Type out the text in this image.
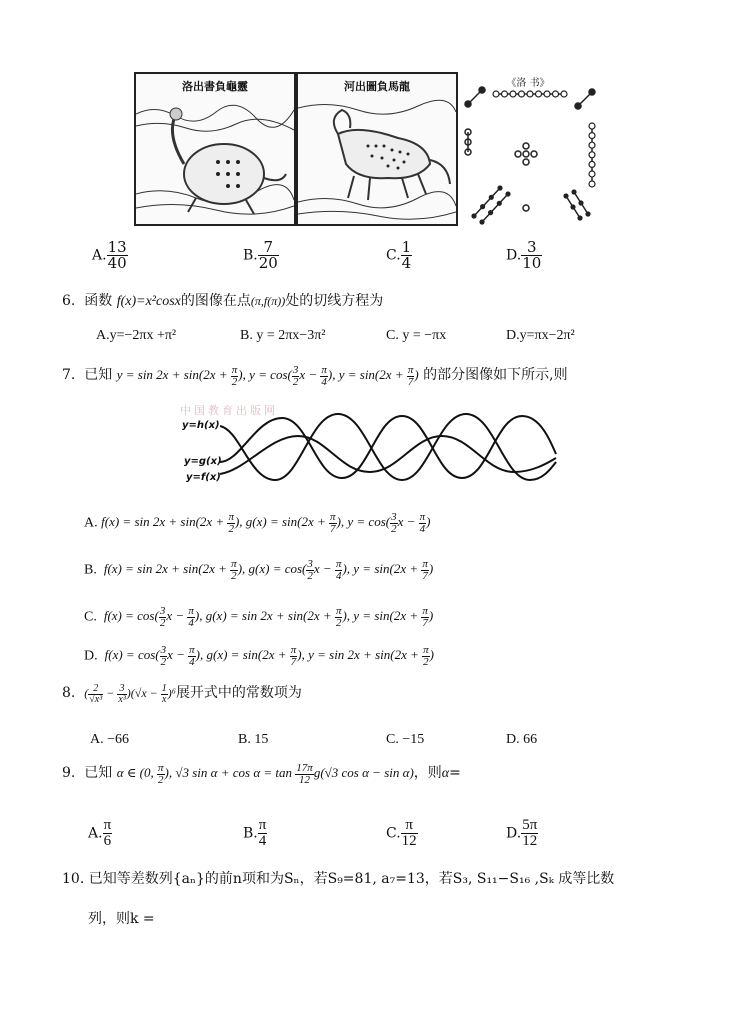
洛出書負龜靈	河出圖負馬龍	《洛 书》
A. $\frac{13}{40}$	B. $\frac{7}{20}$	C. $\frac{1}{4}$	D. $\frac{3}{10}$
6. 函数 f(x)=x²cosx的图像在点(π,f(π))处的切线方程为
A.y=−2πx +π²	B. y = 2πx−3π²	C. y = −πx	D.y=πx−2π²
7. 已知 $y = \sin 2x + \sin(2x + \frac{\pi}{2}$ ), $y = \cos( \frac{3}{2}$ $x - \frac{\pi}{4}$ ), $y = \sin(2x + \frac{\pi}{7}$ ) 的部分图像如下所示,则
中国教育出版网
y=h(x)
y=g(x)
y=f(x)
A. $f(x) = \sin 2x + \sin(2x + \frac{\pi}{2}$ ), $g(x) = \sin(2x + \frac{\pi}{7}$ ), $y = \cos( \frac{3}{2}$ $x - \frac{\pi}{4}$ )
B. $f(x) = \sin 2x + \sin(2x + \frac{\pi}{2}$ ), $g(x) = \cos( \frac{3}{2}$ $x - \frac{\pi}{4}$ ), $y = \sin(2x + \frac{\pi}{7}$ )
C. $f(x) = \cos( \frac{3}{2}$ $x - \frac{\pi}{4}$ ), $g(x) = \sin 2x + \sin(2x + \frac{\pi}{2}$ ), $y = \sin(2x + \frac{\pi}{7}$ )
D. $f(x) = \cos( \frac{3}{2}$ $x - \frac{\pi}{4}$ ), $g(x) = \sin(2x + \frac{\pi}{7}$ ), $y = \sin 2x + \sin(2x + \frac{\pi}{2}$ )
8. ( $\frac{2}{\text{√x³}} - \frac{3}{\text{x³}} )(√x - \frac{1}{x} )^6$展开式中的常数项为
A. −66	B. 15	C. −15	D. 66
9. 已知 α ∈ (0, $\frac{\pi}{2}$ ), √3 $\sin \alpha + \cos \alpha = \tan \frac{17\pi}{12} g(√3$ cos α − sin α)，则α=
A. $\frac{\pi}{6}$	B. $\frac{\pi}{4}$	C. $\frac{\pi}{12}$	D. $\frac{5\pi}{12}$
10. 已知等差数列{aₙ}的前n项和为Sₙ，若S₉=81, a₇=13，若S₃, S₁₁−S₁₆ ,Sₖ 成等比数
列，则k =
